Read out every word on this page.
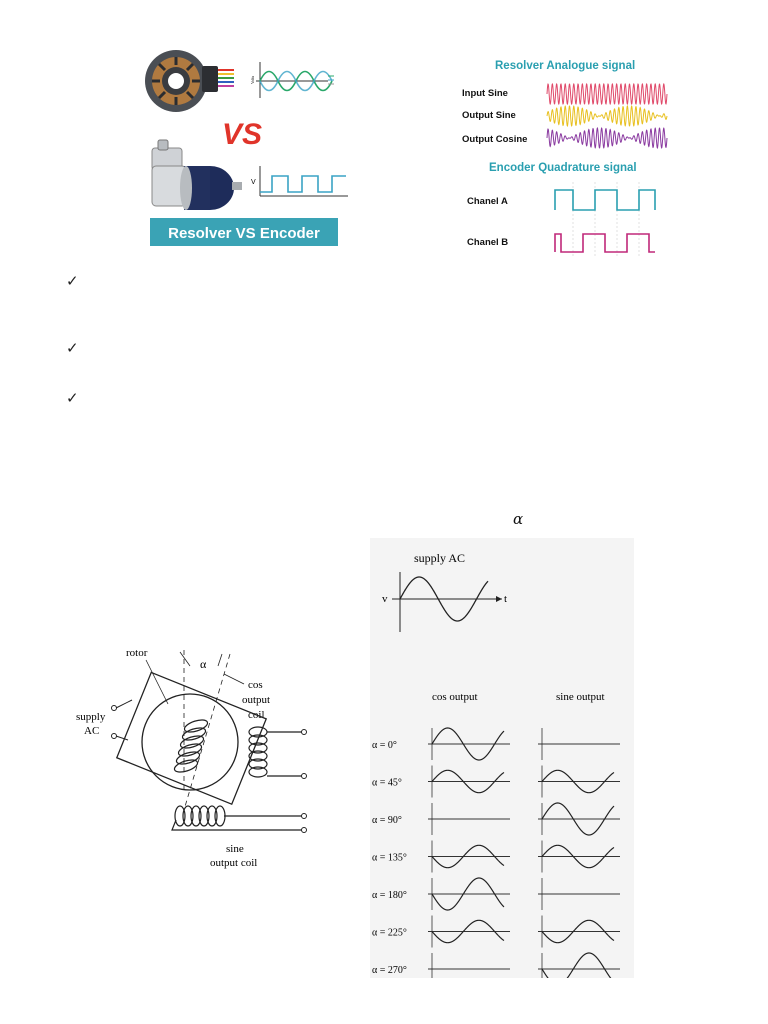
Volts
VS
V
Resolver VS Encoder
Resolver Analogue signal
Input Sine
Output Sine
Output Cosine
Encoder Quadrature signal
Chanel A
Chanel B
✓
✓
✓
α
rotor
α
cos
output
coil
supply
AC
sine
output coil
supply AC
v	t
cos output	sine output
α = 0°
α = 45°
α = 90°
α = 135°
α = 180°
α = 225°
α = 270°
